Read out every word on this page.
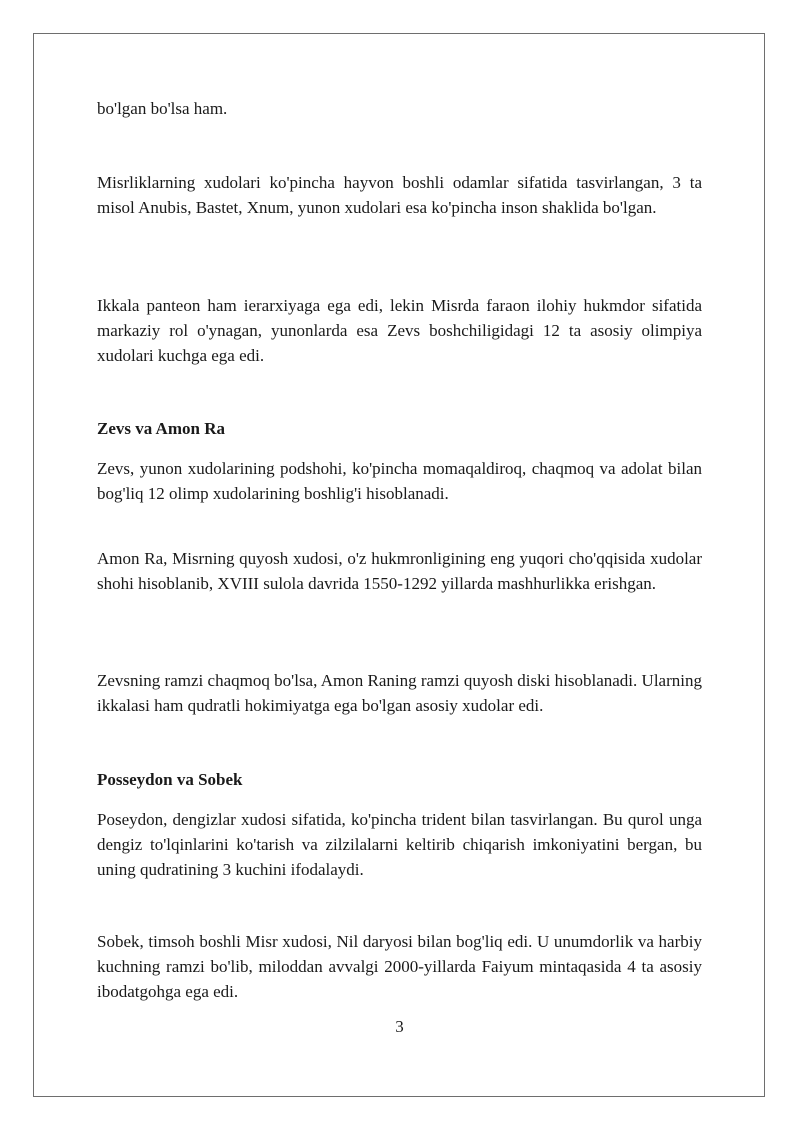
bo'lgan bo'lsa ham.

Misrliklarning xudolari ko'pincha hayvon boshli odamlar sifatida tasvirlangan, 3 ta misol Anubis, Bastet, Xnum, yunon xudolari esa ko'pincha inson shaklida bo'lgan.

Ikkala panteon ham ierarxiyaga ega edi, lekin Misrda faraon ilohiy hukmdor sifatida markaziy rol o'ynagan, yunonlarda esa Zevs boshchiligidagi 12 ta asosiy olimpiya xudolari kuchga ega edi.

Zevs va Amon Ra

Zevs, yunon xudolarining podshohi, ko'pincha momaqaldiroq, chaqmoq va adolat bilan bog'liq 12 olimp xudolarining boshlig'i hisoblanadi.

Amon Ra, Misrning quyosh xudosi, o'z hukmronligining eng yuqori cho'qqisida xudolar shohi hisoblanib, XVIII sulola davrida 1550-1292 yillarda mashhurlikka erishgan.

Zevsning ramzi chaqmoq bo'lsa, Amon Raning ramzi quyosh diski hisoblanadi. Ularning ikkalasi ham qudratli hokimiyatga ega bo'lgan asosiy xudolar edi.

Posseydon va Sobek

Poseydon, dengizlar xudosi sifatida, ko'pincha trident bilan tasvirlangan. Bu qurol unga dengiz to'lqinlarini ko'tarish va zilzilalarni keltirib chiqarish imkoniyatini bergan, bu uning qudratining 3 kuchini ifodalaydi.

Sobek, timsoh boshli Misr xudosi, Nil daryosi bilan bog'liq edi. U unumdorlik va harbiy kuchning ramzi bo'lib, miloddan avvalgi 2000-yillarda Faiyum mintaqasida 4 ta asosiy ibodatgohga ega edi.

3
